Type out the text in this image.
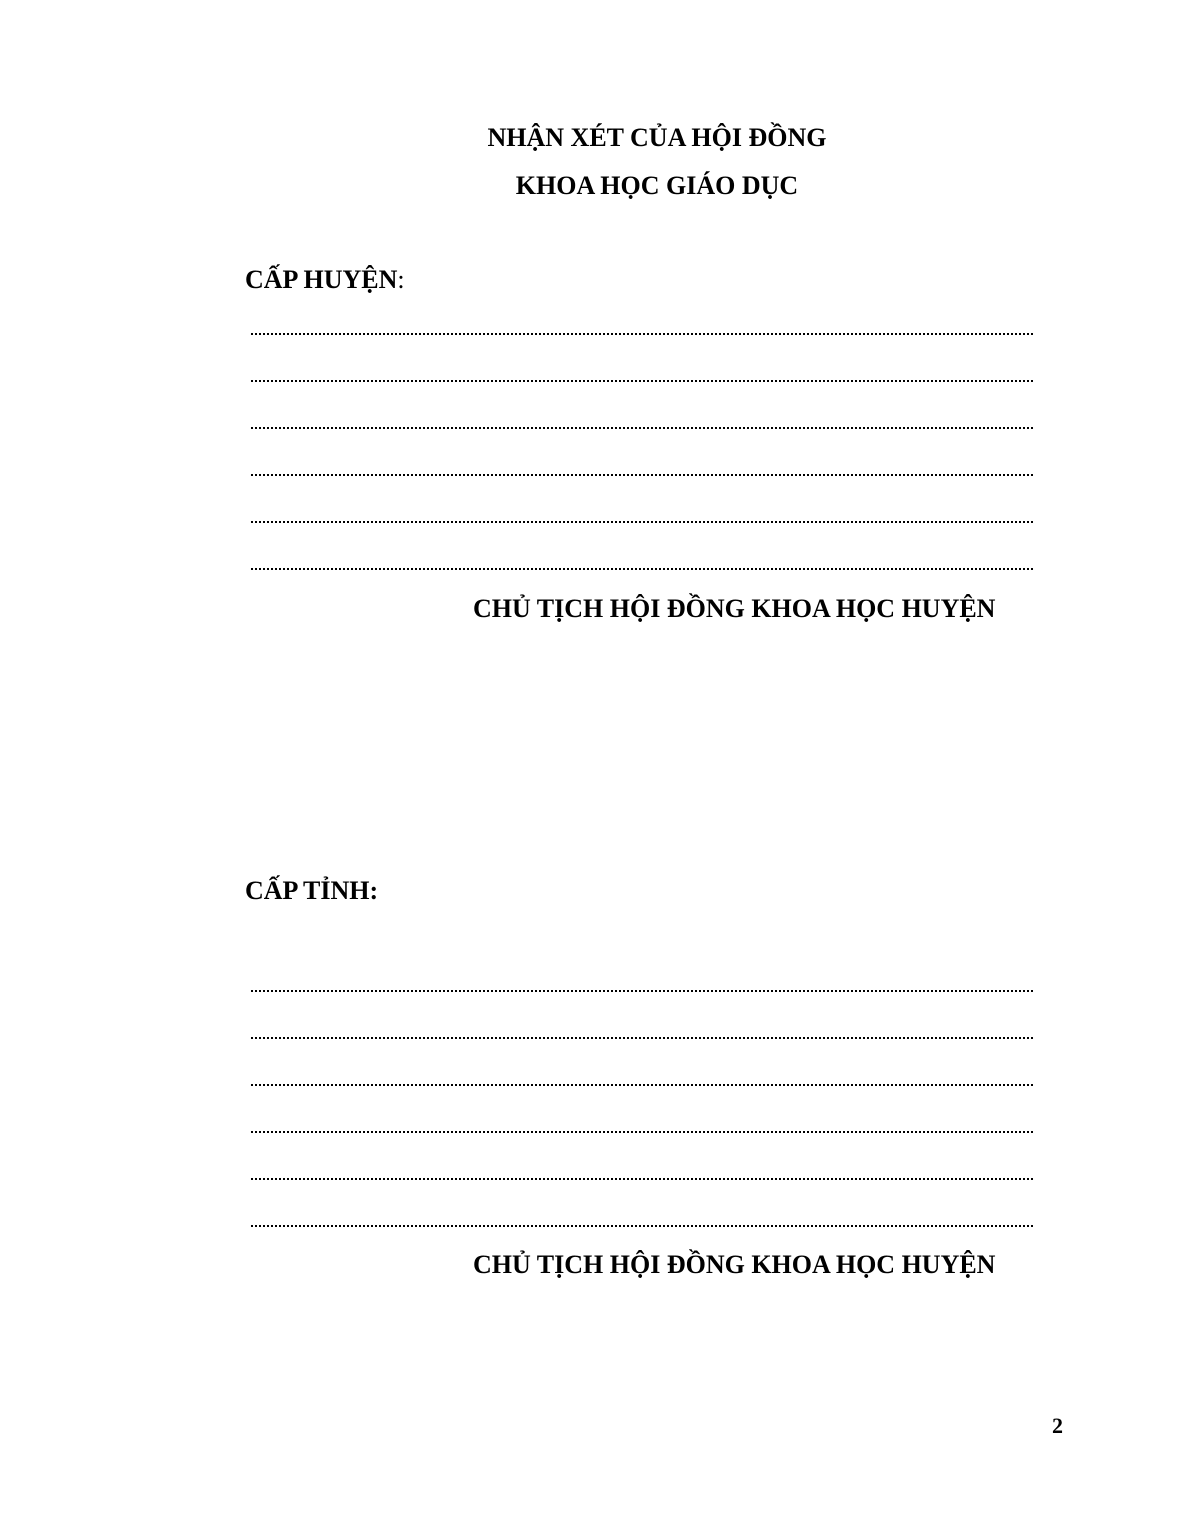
NHẬN XÉT CỦA HỘI ĐỒNG
KHOA HỌC GIÁO DỤC
CẤP HUYỆN:
CHỦ TỊCH HỘI ĐỒNG KHOA HỌC HUYỆN
CẤP TỈNH:
CHỦ TỊCH HỘI ĐỒNG KHOA HỌC HUYỆN
2
